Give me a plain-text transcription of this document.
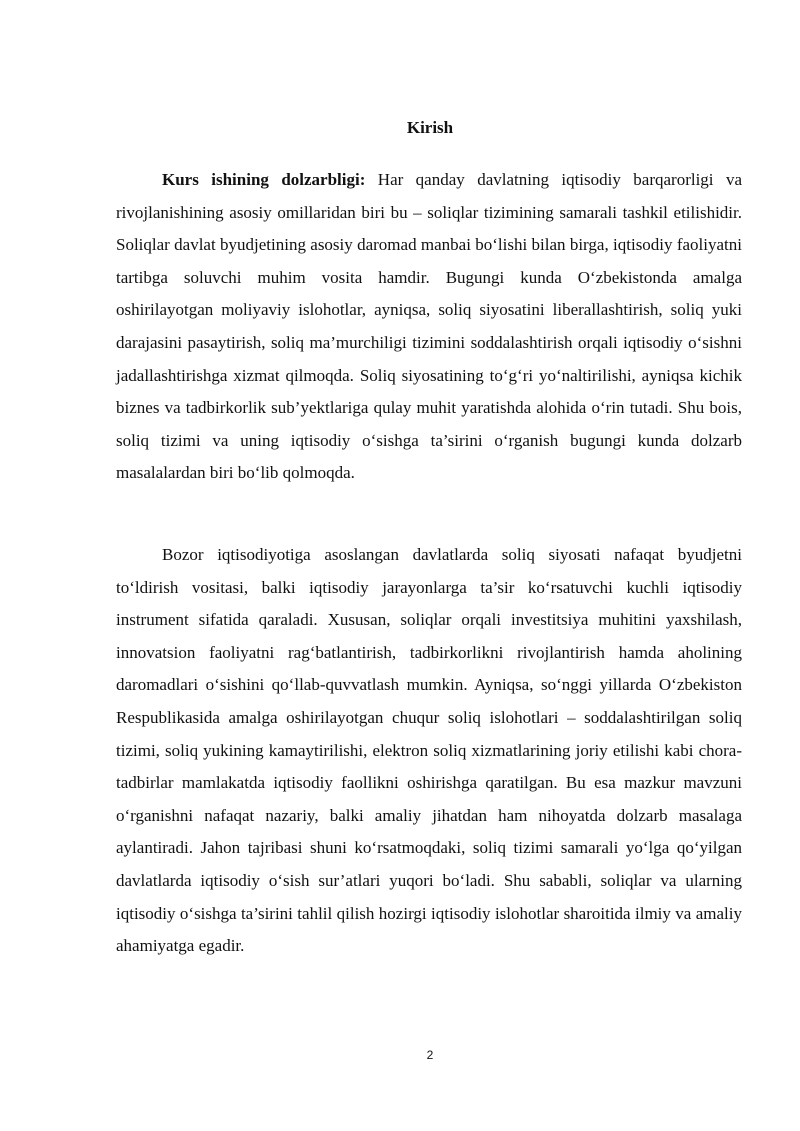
Kirish

Kurs ishining dolzarbligi: Har qanday davlatning iqtisodiy barqarorligi va rivojlanishining asosiy omillaridan biri bu – soliqlar tizimining samarali tashkil etilishidir. Soliqlar davlat byudjetining asosiy daromad manbai bo‘lishi bilan birga, iqtisodiy faoliyatni tartibga soluvchi muhim vosita hamdir. Bugungi kunda O‘zbekistonda amalga oshirilayotgan moliyaviy islohotlar, ayniqsa, soliq siyosatini liberallashtirish, soliq yuki darajasini pasaytirish, soliq ma’murchiligi tizimini soddalashtirish orqali iqtisodiy o‘sishni jadallashtirishga xizmat qilmoqda. Soliq siyosatining to‘g‘ri yo‘naltirilishi, ayniqsa kichik biznes va tadbirkorlik sub’yektlariga qulay muhit yaratishda alohida o‘rin tutadi. Shu bois, soliq tizimi va uning iqtisodiy o‘sishga ta’sirini o‘rganish bugungi kunda dolzarb masalalardan biri bo‘lib qolmoqda.

Bozor iqtisodiyotiga asoslangan davlatlarda soliq siyosati nafaqat byudjetni to‘ldirish vositasi, balki iqtisodiy jarayonlarga ta’sir ko‘rsatuvchi kuchli iqtisodiy instrument sifatida qaraladi. Xususan, soliqlar orqali investitsiya muhitini yaxshilash, innovatsion faoliyatni rag‘batlantirish, tadbirkorlikni rivojlantirish hamda aholining daromadlari o‘sishini qo‘llab-quvvatlash mumkin. Ayniqsa, so‘nggi yillarda O‘zbekiston Respublikasida amalga oshirilayotgan chuqur soliq islohotlari – soddalashtirilgan soliq tizimi, soliq yukining kamaytirilishi, elektron soliq xizmatlarining joriy etilishi kabi chora-tadbirlar mamlakatda iqtisodiy faollikni oshirishga qaratilgan. Bu esa mazkur mavzuni o‘rganishni nafaqat nazariy, balki amaliy jihatdan ham nihoyatda dolzarb masalaga aylantiradi. Jahon tajribasi shuni ko‘rsatmoqdaki, soliq tizimi samarali yo‘lga qo‘yilgan davlatlarda iqtisodiy o‘sish sur’atlari yuqori bo‘ladi. Shu sababli, soliqlar va ularning iqtisodiy o‘sishga ta’sirini tahlil qilish hozirgi iqtisodiy islohotlar sharoitida ilmiy va amaliy ahamiyatga egadir.

2
